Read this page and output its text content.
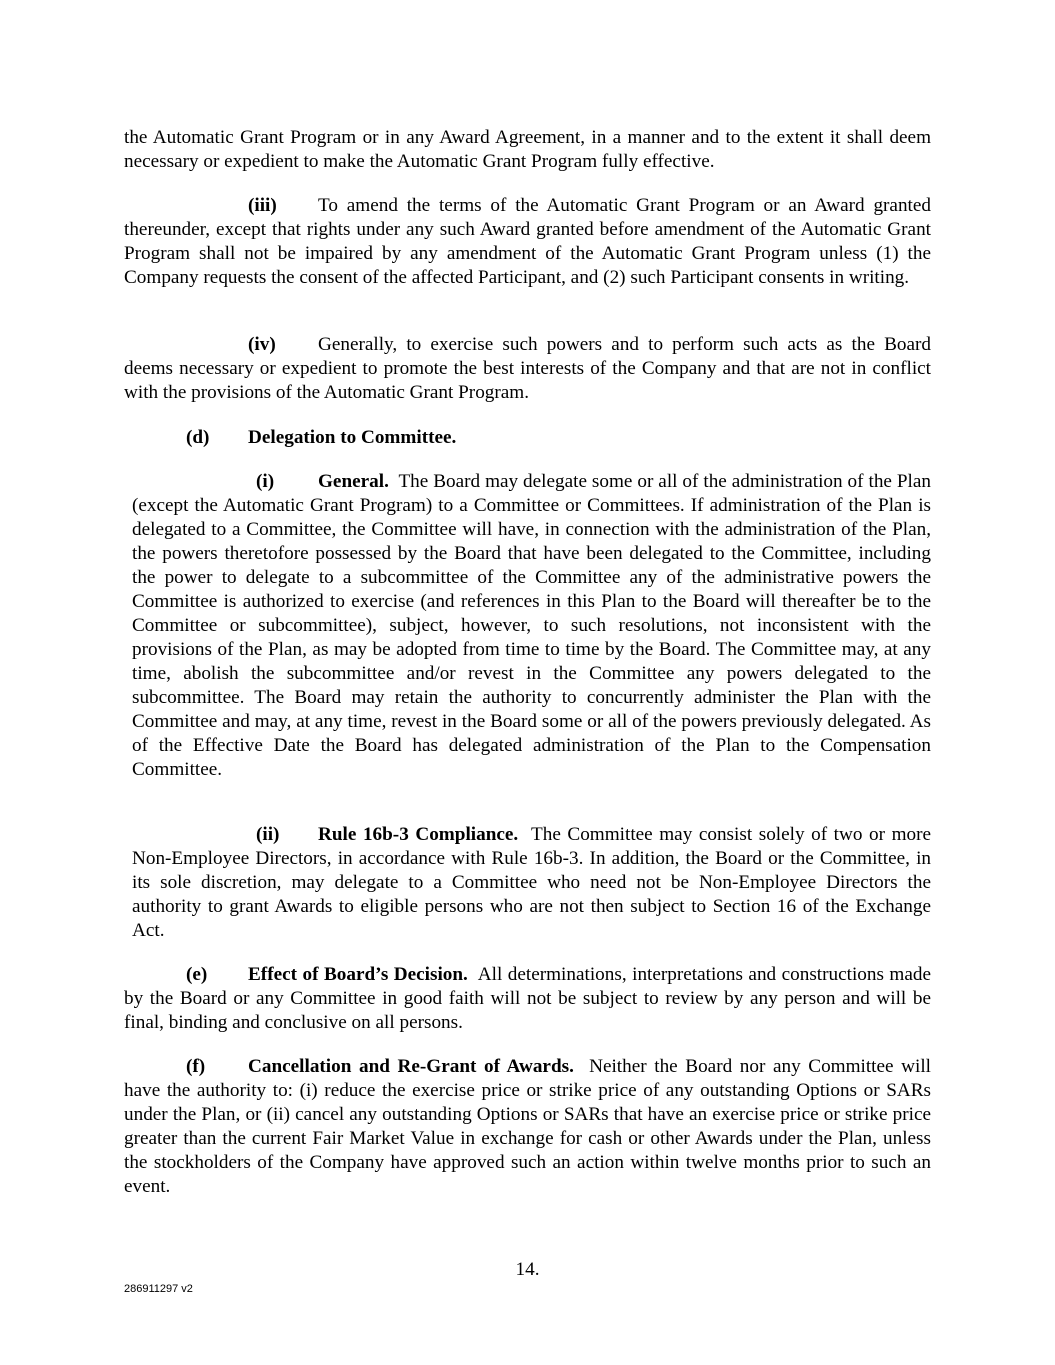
the Automatic Grant Program or in any Award Agreement, in a manner and to the extent it shall deem necessary or expedient to make the Automatic Grant Program fully effective.

(iii) To amend the terms of the Automatic Grant Program or an Award granted thereunder, except that rights under any such Award granted before amendment of the Automatic Grant Program shall not be impaired by any amendment of the Automatic Grant Program unless (1) the Company requests the consent of the affected Participant, and (2) such Participant consents in writing.

(iv) Generally, to exercise such powers and to perform such acts as the Board deems necessary or expedient to promote the best interests of the Company and that are not in conflict with the provisions of the Automatic Grant Program.

(d) Delegation to Committee.

(i) General. The Board may delegate some or all of the administration of the Plan (except the Automatic Grant Program) to a Committee or Committees. If administration of the Plan is delegated to a Committee, the Committee will have, in connection with the administration of the Plan, the powers theretofore possessed by the Board that have been delegated to the Committee, including the power to delegate to a subcommittee of the Committee any of the administrative powers the Committee is authorized to exercise (and references in this Plan to the Board will thereafter be to the Committee or subcommittee), subject, however, to such resolutions, not inconsistent with the provisions of the Plan, as may be adopted from time to time by the Board. The Committee may, at any time, abolish the subcommittee and/or revest in the Committee any powers delegated to the subcommittee. The Board may retain the authority to concurrently administer the Plan with the Committee and may, at any time, revest in the Board some or all of the powers previously delegated. As of the Effective Date the Board has delegated administration of the Plan to the Compensation Committee.

(ii) Rule 16b-3 Compliance. The Committee may consist solely of two or more Non-Employee Directors, in accordance with Rule 16b-3. In addition, the Board or the Committee, in its sole discretion, may delegate to a Committee who need not be Non-Employee Directors the authority to grant Awards to eligible persons who are not then subject to Section 16 of the Exchange Act.

(e) Effect of Board’s Decision. All determinations, interpretations and constructions made by the Board or any Committee in good faith will not be subject to review by any person and will be final, binding and conclusive on all persons.

(f) Cancellation and Re-Grant of Awards. Neither the Board nor any Committee will have the authority to: (i) reduce the exercise price or strike price of any outstanding Options or SARs under the Plan, or (ii) cancel any outstanding Options or SARs that have an exercise price or strike price greater than the current Fair Market Value in exchange for cash or other Awards under the Plan, unless the stockholders of the Company have approved such an action within twelve months prior to such an event.

14.
286911297 v2
